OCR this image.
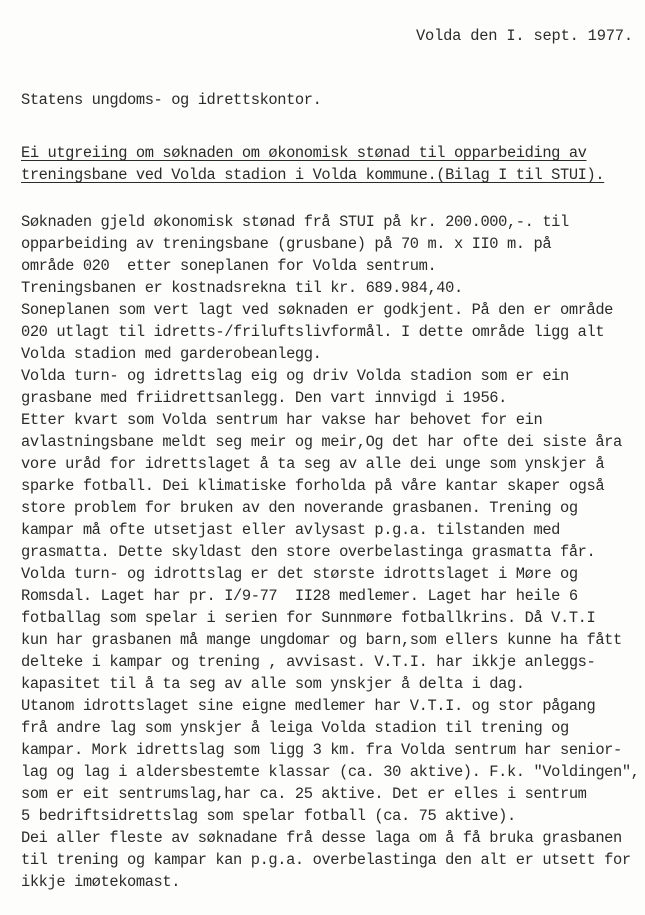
Volda den I. sept. 1977.
Statens ungdoms- og idrettskontor.
Ei utgreiing om søknaden om økonomisk stønad til opparbeiding av
treningsbane ved Volda stadion i Volda kommune.(Bilag I til STUI).
Søknaden gjeld økonomisk stønad frå STUI på kr. 200.000,-. til
opparbeiding av treningsbane (grusbane) på 70 m. x II0 m. på
område 020  etter soneplanen for Volda sentrum.
Treningsbanen er kostnadsrekna til kr. 689.984,40.
Soneplanen som vert lagt ved søknaden er godkjent. På den er område
020 utlagt til idretts-/friluftslivformål. I dette område ligg alt
Volda stadion med garderobeanlegg.
Volda turn- og idrettslag eig og driv Volda stadion som er ein
grasbane med friidrettsanlegg. Den vart innvigd i 1956.
Etter kvart som Volda sentrum har vakse har behovet for ein
avlastningsbane meldt seg meir og meir,Og det har ofte dei siste åra
vore uråd for idrettslaget å ta seg av alle dei unge som ynskjer å
sparke fotball. Dei klimatiske forholda på våre kantar skaper også
store problem for bruken av den noverande grasbanen. Trening og
kampar må ofte utsetjast eller avlysast p.g.a. tilstanden med
grasmatta. Dette skyldast den store overbelastinga grasmatta får.
Volda turn- og idrottslag er det største idrottslaget i Møre og
Romsdal. Laget har pr. I/9-77  II28 medlemer. Laget har heile 6
fotballag som spelar i serien for Sunnmøre fotballkrins. Då V.T.I
kun har grasbanen må mange ungdomar og barn,som ellers kunne ha fått
delteke i kampar og trening , avvisast. V.T.I. har ikkje anleggs-
kapasitet til å ta seg av alle som ynskjer å delta i dag.
Utanom idrottslaget sine eigne medlemer har V.T.I. og stor pågang
frå andre lag som ynskjer å leiga Volda stadion til trening og
kampar. Mork idrettslag som ligg 3 km. fra Volda sentrum har senior-
lag og lag i aldersbestemte klassar (ca. 30 aktive). F.k. "Voldingen",
som er eit sentrumslag,har ca. 25 aktive. Det er elles i sentrum
5 bedriftsidrettslag som spelar fotball (ca. 75 aktive).
Dei aller fleste av søknadane frå desse laga om å få bruka grasbanen
til trening og kampar kan p.g.a. overbelastinga den alt er utsett for
ikkje imøtekomast.
